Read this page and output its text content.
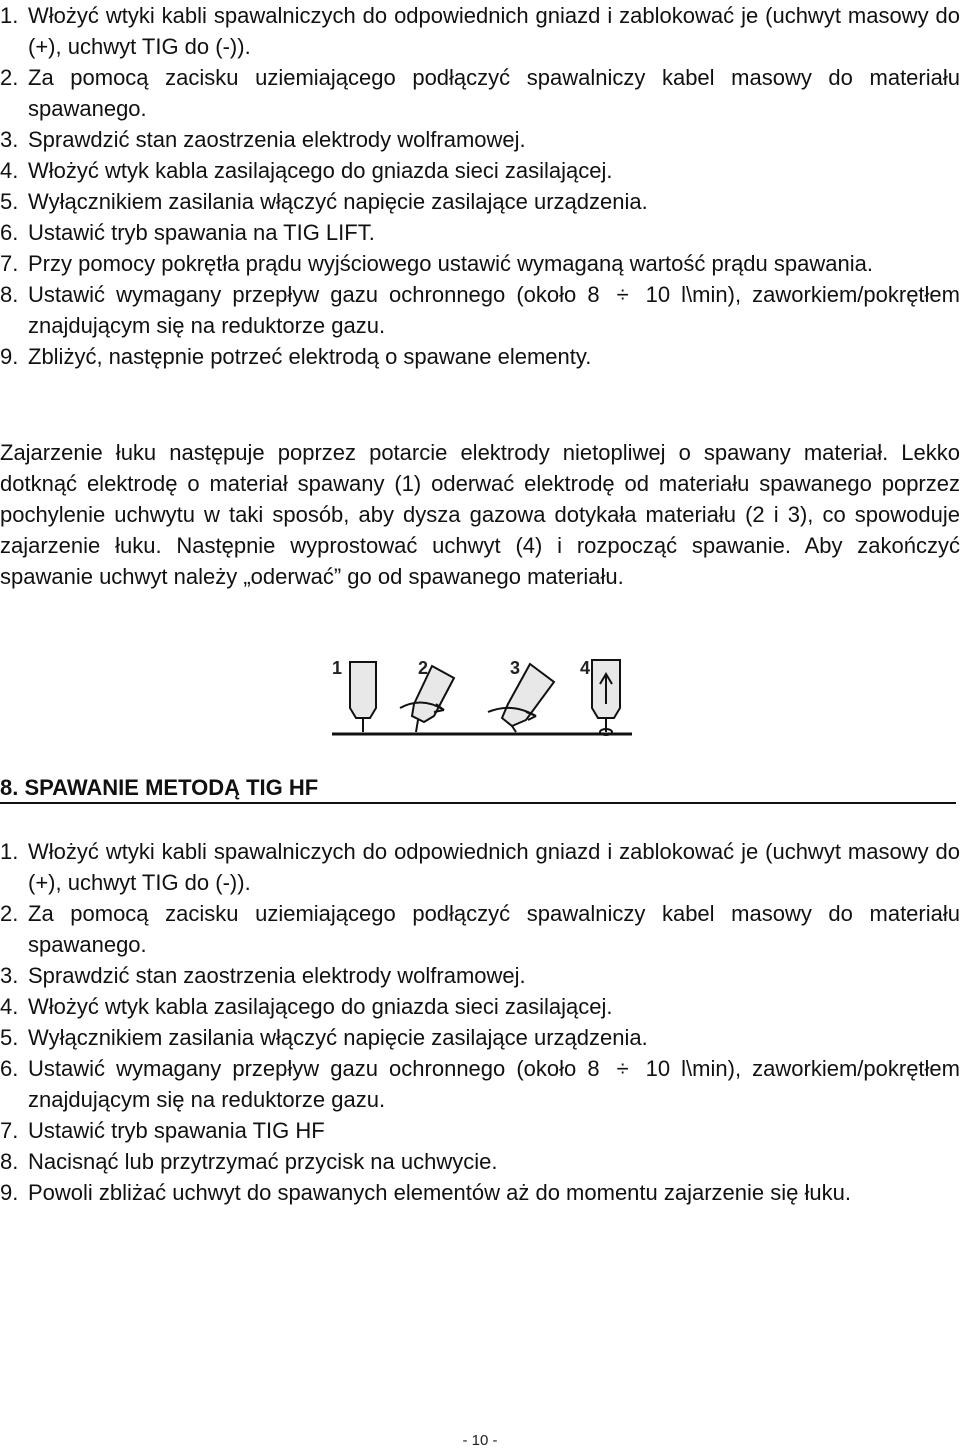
1. Włożyć wtyki kabli spawalniczych do odpowiednich gniazd i zablokować je (uchwyt masowy do (+), uchwyt TIG do (-)).
2. Za pomocą zacisku uziemiającego podłączyć spawalniczy kabel masowy do materiału spawanego.
3. Sprawdzić stan zaostrzenia elektrody wolframowej.
4. Włożyć wtyk kabla zasilającego do gniazda sieci zasilającej.
5. Wyłącznikiem zasilania włączyć napięcie zasilające urządzenia.
6. Ustawić tryb spawania na TIG LIFT.
7. Przy pomocy pokrętła prądu wyjściowego ustawić wymaganą wartość prądu spawania.
8. Ustawić wymagany przepływ gazu ochronnego (około 8 ÷ 10 l\min), zaworkiem/pokrętłem znajdującym się na reduktorze gazu.
9. Zbliżyć, następnie potrzeć elektrodą o spawane elementy.

Zajarzenie łuku następuje poprzez potarcie elektrody nietopliwej o spawany materiał. Lekko dotknąć elektrodę o materiał spawany (1) oderwać elektrodę od materiału spawanego poprzez pochylenie uchwytu w taki sposób, aby dysza gazowa dotykała materiału (2 i 3), co spowoduje zajarzenie łuku. Następnie wyprostować uchwyt (4) i rozpocząć spawanie. Aby zakończyć spawanie uchwyt należy „oderwać” go od spawanego materiału.

1	2	3	4
8. SPAWANIE METODĄ TIG HF
1. Włożyć wtyki kabli spawalniczych do odpowiednich gniazd i zablokować je (uchwyt masowy do (+), uchwyt TIG do (-)).
2. Za pomocą zacisku uziemiającego podłączyć spawalniczy kabel masowy do materiału spawanego.
3. Sprawdzić stan zaostrzenia elektrody wolframowej.
4. Włożyć wtyk kabla zasilającego do gniazda sieci zasilającej.
5. Wyłącznikiem zasilania włączyć napięcie zasilające urządzenia.
6. Ustawić wymagany przepływ gazu ochronnego (około 8 ÷ 10 l\min), zaworkiem/pokrętłem znajdującym się na reduktorze gazu.
7. Ustawić tryb spawania TIG HF
8. Nacisnąć lub przytrzymać przycisk na uchwycie.
9. Powoli zbliżać uchwyt do spawanych elementów aż do momentu zajarzenie się łuku.
- 10 -
